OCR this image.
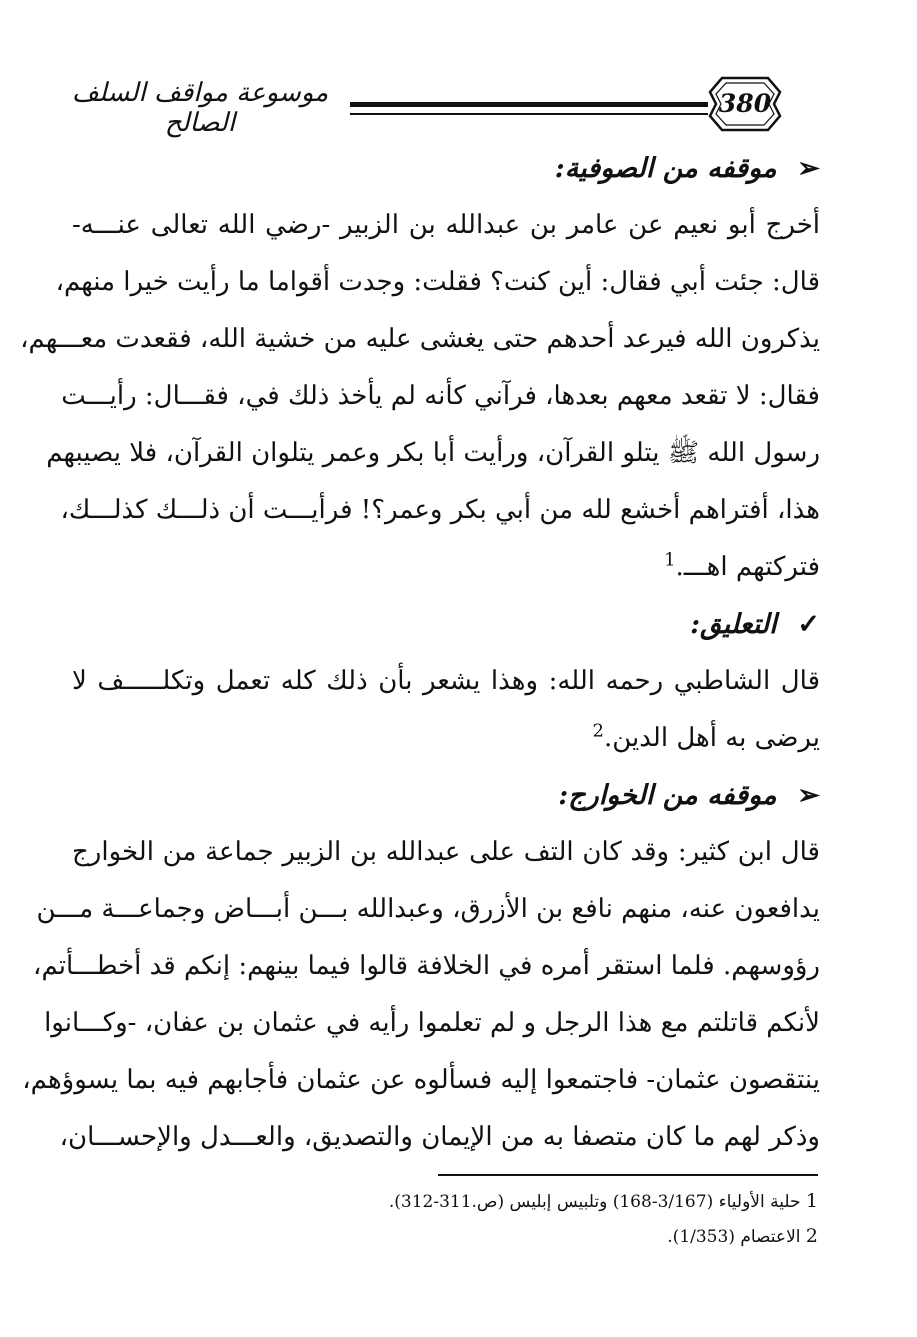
موسوعة مواقف السلف الصالح
380
➢ موقفه من الصوفية:
أخرج أبو نعيم عن عامر بن عبدالله بن الزبير -رضي الله تعالى عنـــه-
قال: جئت أبي فقال: أين كنت؟ فقلت: وجدت أقواما ما رأيت خيرا منهم،
يذكرون الله فيرعد أحدهم حتى يغشى عليه من خشية الله، فقعدت معـــهم،
فقال: لا تقعد معهم بعدها، فرآني كأنه لم يأخذ ذلك في، فقـــال: رأيـــت
رسول الله ﷺ يتلو القرآن، ورأيت أبا بكر وعمر يتلوان القرآن، فلا يصيبهم
هذا، أفتراهم أخشع لله من أبي بكر وعمر؟! فرأيـــت أن ذلـــك كذلـــك،
فتركتهم اهـــ.$^1$
✓ التعليق:
قال الشاطبي رحمه الله: وهذا يشعر بأن ذلك كله تعمل وتكلـــــف لا
يرضى به أهل الدين.$^2$
➢ موقفه من الخوارج:
قال ابن كثير: وقد كان التف على عبدالله بن الزبير جماعة من الخوارج
يدافعون عنه، منهم نافع بن الأزرق، وعبدالله بـــن أبـــاض وجماعـــة مـــن
رؤوسهم. فلما استقر أمره في الخلافة قالوا فيما بينهم: إنكم قد أخطـــأتم،
لأنكم قاتلتم مع هذا الرجل و لم تعلموا رأيه في عثمان بن عفان، -وكـــانوا
ينتقصون عثمان- فاجتمعوا إليه فسألوه عن عثمان فأجابهم فيه بما يسوؤهم،
وذكر لهم ما كان متصفا به من الإيمان والتصديق، والعـــدل والإحســـان،
1 حلية الأولياء (3/167-168) وتلبيس إبليس (ص.311-312).
2 الاعتصام (1/353).
